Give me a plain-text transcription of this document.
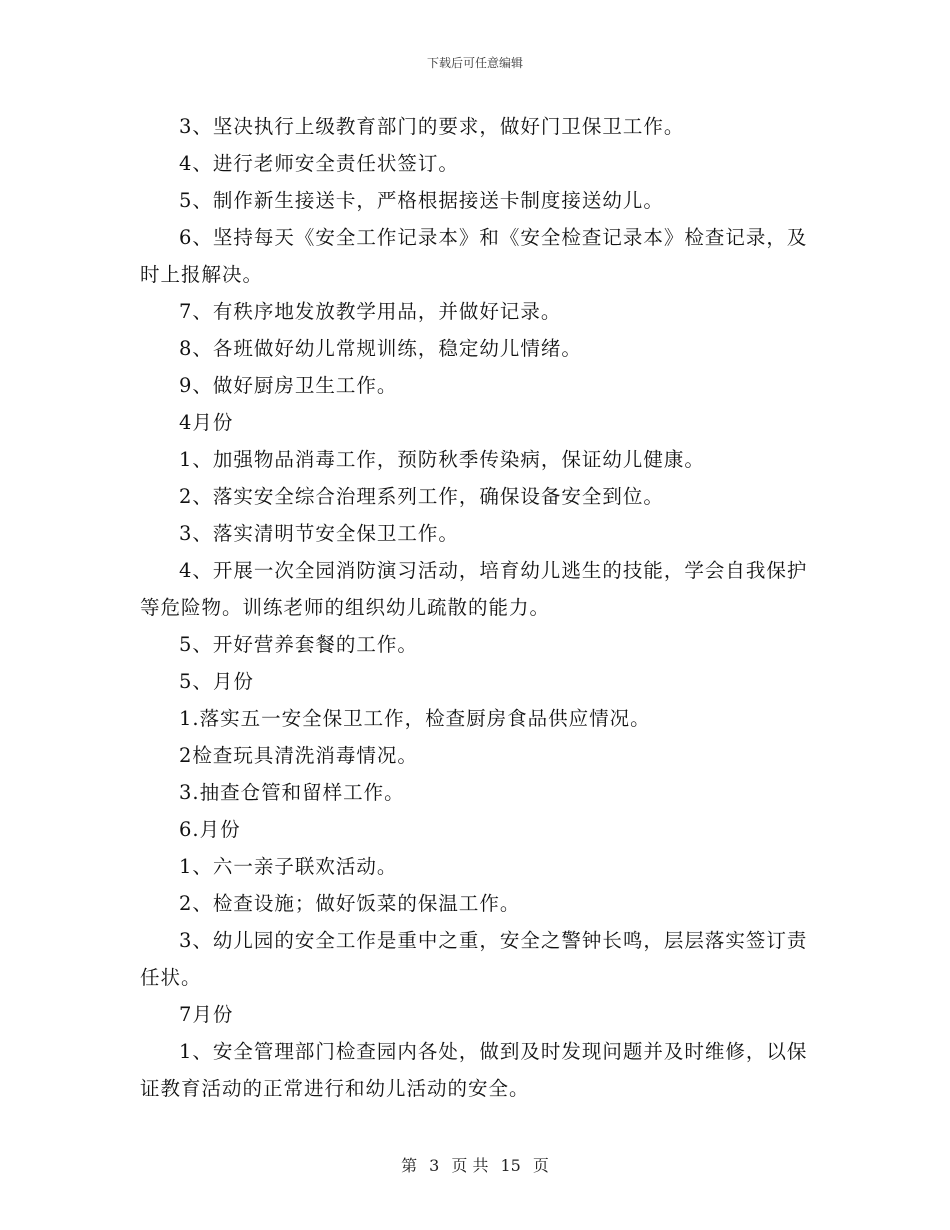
下载后可任意编辑

3、坚决执行上级教育部门的要求，做好门卫保卫工作。

4、进行老师安全责任状签订。

5、制作新生接送卡，严格根据接送卡制度接送幼儿。

6、坚持每天《安全工作记录本》和《安全检查记录本》检查记录，及时上报解决。

7、有秩序地发放教学用品，并做好记录。

8、各班做好幼儿常规训练，稳定幼儿情绪。

9、做好厨房卫生工作。

4月份

1、加强物品消毒工作，预防秋季传染病，保证幼儿健康。

2、落实安全综合治理系列工作，确保设备安全到位。

3、落实清明节安全保卫工作。

4、开展一次全园消防演习活动，培育幼儿逃生的技能，学会自我保护等危险物。训练老师的组织幼儿疏散的能力。

5、开好营养套餐的工作。

5、月份

1.落实五一安全保卫工作，检查厨房食品供应情况。

2检查玩具清洗消毒情况。

3.抽查仓管和留样工作。

6.月份

1、六一亲子联欢活动。

2、检查设施；做好饭菜的保温工作。

3、幼儿园的安全工作是重中之重，安全之警钟长鸣，层层落实签订责任状。

7月份

1、安全管理部门检查园内各处，做到及时发现问题并及时维修，以保证教育活动的正常进行和幼儿活动的安全。

第 3 页 共 15 页
